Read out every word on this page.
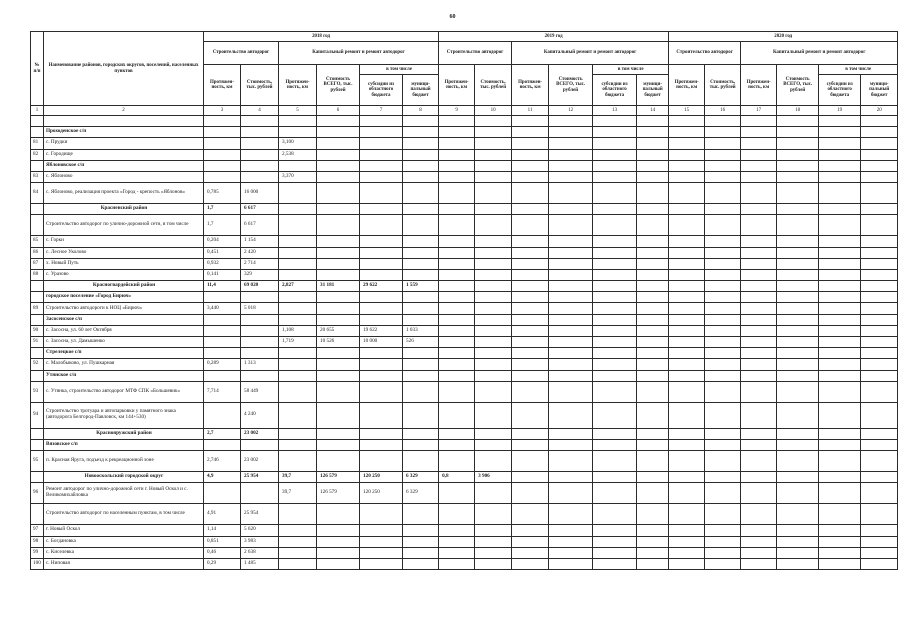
60
№ п/п	Наименование районов, городских округов, поселений, населенных пунктов	2018 год						2019 год						2020 год					
		Строительство автодорог		Капитальный ремонт и ремонт автодорог				Строительство автодорог		Капитальный ремонт и ремонт автодорог				Строительство автодорог		Капитальный ремонт и ремонт автодорог			
		Протяжен-ность, км	Стоимость, тыс. рублей	Протяжен-ность, км	Стоимость ВСЕГО, тыс. рублей	в том числе		Протяжен-ность, км	Стоимость, тыс. рублей	Протяжен-ность, км	Стоимость ВСЕГО, тыс. рублей	в том числе		Протяжен-ность, км	Стоимость, тыс. рублей	Протяжен-ность, км	Стоимость ВСЕГО, тыс. рублей	в том числе	
						субсидии из областного бюджета	муници-пальный бюджет					субсидии из областного бюджета	муници-пальный бюджет					субсидии из областного бюджета	муници-пальный бюджет
1	2	3	4	5	6	7	8	9	10	11	12	13	14	15	16	17	18	19	20

	Проходенское с/п																		
81	с. Прудки			3,100															
82	с. Городище			2,538															
	Яблоновское с/п																		
83	с. Яблоново			3,370															
84	с. Яблоново, реализация проекта «Город - крепость «Яблонов»	0,785	16 000																
	Красненский район	1,7	6 617																
	Строительство автодорог по улично-дорожной сети, в том числе	1,7	6 617																
85	с. Горки	0,204	1 154																
86	с. Лесное Уколово	0,451	2 420																
87	х. Новый Путь	0,932	2 714																
88	с. Уразово	0,141	329																
	Красногвардейский район	11,4	69 020	2,827	31 181	29 622	1 559												
	городское поселение «Город Бирюч»																		
89	Строительство автодороги к НОЦ «Бирюч»	3,440	5 018																
	Засосенское с/п																		
90	с. Засосна, ул. 60 лет Октября			1,108	20 655	19 622	1 033												
91	с. Засосна, ул. Дамышенко			1,719	10 526	10 000	526												
	Стрелецкое с/п																		
92	с. Малобыково, ул. Пушкарная	0,289	1 313																
	Утянское с/п																		
93	с. Утянка, строительство автодорог МТФ СПК «Большевик»	7,714	58 449																
94	Строительство тротуара и автопарковки у памятного знака (автодорога Белгород-Павловск, км 144+530)		4 240																
	Краснояружский район	2,7	23 002																
	Вязовское с/п																		
95	п. Красная Яруга, подъезд к рекреационной зоне	2,746	23 002																
	Новооскольский городской округ	4,9	25 954	39,7	126 579	120 250	6 329	0,8	3 906										
96	Ремонт автодорог по улично-дорожной сети г. Новый Оскол и с. Великомихайловка			39,7	126 579	120 250	6 329												
	Строительство автодорог по населенным пунктам, в том числе	4,91	25 954																
97	г. Новый Оскол	1,14	5 620																
98	с. Богдановка	0,851	3 983																
99	с. Киселевка	0,46	2 638																
100	с. Ниповая	0,29	1 485																
